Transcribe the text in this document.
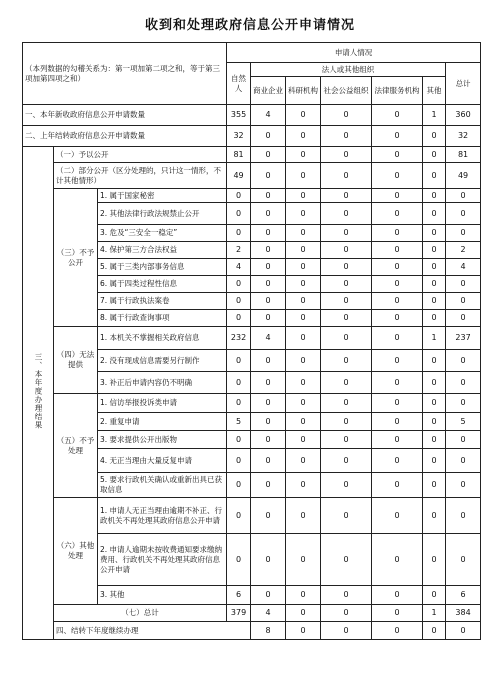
收到和处理政府信息公开申请情况
（本列数据的勾稽关系为：第一项加第二项之和，等于第三项加第四项之和）			申请人情况							
			自然人	法人或其他组织					总计	
				商业企业	科研机构	社会公益组织	法律服务机构	其他		
一、本年新收政府信息公开申请数量			355	4	0	0	0	1	360	
二、上年结转政府信息公开申请数量			32	0	0	0	0	0	32	
三、本年度办理结果	（一）予以公开		81	0	0	0	0	0	81	
	（二）部分公开（区分处理的，只计这一情形，不计其他情形）		49	0	0	0	0	0	49	
	（三）不予公开	1. 属于国家秘密	0	0	0	0	0	0	0	
		2. 其他法律行政法规禁止公开	0	0	0	0	0	0	0	
		3. 危及“三安全一稳定”	0	0	0	0	0	0	0	
		4. 保护第三方合法权益	2	0	0	0	0	0	2	
		5. 属于三类内部事务信息	4	0	0	0	0	0	4	
		6. 属于四类过程性信息	0	0	0	0	0	0	0	
		7. 属于行政执法案卷	0	0	0	0	0	0	0	
		8. 属于行政查询事项	0	0	0	0	0	0	0	
	（四）无法提供	1. 本机关不掌握相关政府信息	232	4	0	0	0	1	237	
		2. 没有现成信息需要另行制作	0	0	0	0	0	0	0	
		3. 补正后申请内容仍不明确	0	0	0	0	0	0	0	
	（五）不予处理	1. 信访举报投诉类申请	0	0	0	0	0	0	0	
		2. 重复申请	5	0	0	0	0	0	5	
		3. 要求提供公开出版物	0	0	0	0	0	0	0	
		4. 无正当理由大量反复申请	0	0	0	0	0	0	0	
		5. 要求行政机关确认或重新出具已获取信息	0	0	0	0	0	0	0	
	（六）其他处理	1. 申请人无正当理由逾期不补正、行政机关不再处理其政府信息公开申请	0	0	0	0	0	0	0	
		2. 申请人逾期未按收费通知要求缴纳费用、行政机关不再处理其政府信息公开申请	0	0	0	0	0	0	0	
		3. 其他	6	0	0	0	0	0	6	
	（七）总计		379	4	0	0	0	1	384	
	四、结转下年度继续办理			8	0	0	0	0	0	
